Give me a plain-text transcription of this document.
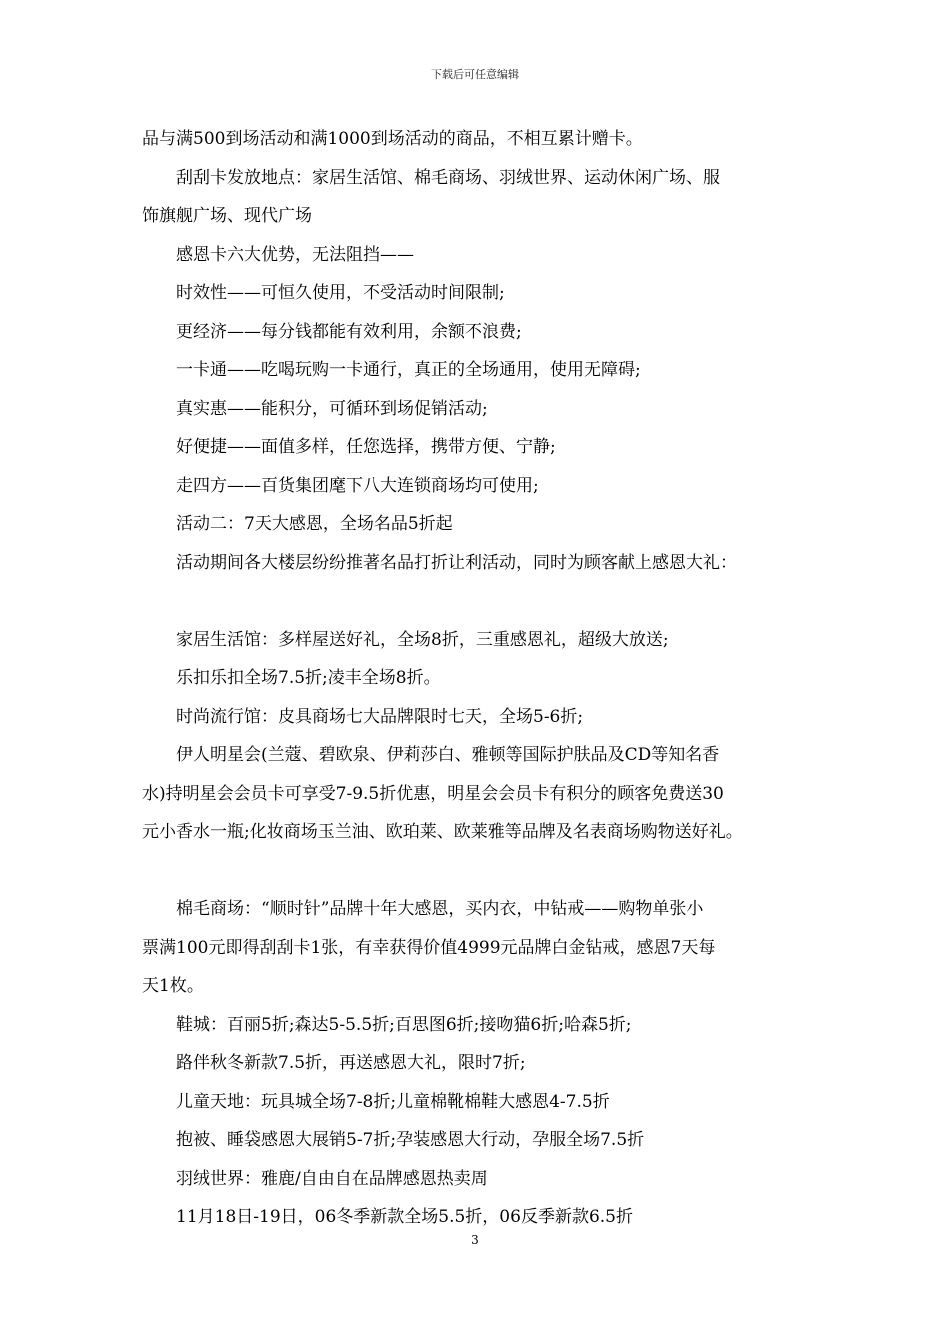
下载后可任意编辑
品与满500到场活动和满1000到场活动的商品，不相互累计赠卡。
刮刮卡发放地点：家居生活馆、棉毛商场、羽绒世界、运动休闲广场、服
饰旗舰广场、现代广场
感恩卡六大优势，无法阻挡——
时效性——可恒久使用，不受活动时间限制;
更经济——每分钱都能有效利用，余额不浪费;
一卡通——吃喝玩购一卡通行，真正的全场通用，使用无障碍;
真实惠——能积分，可循环到场促销活动;
好便捷——面值多样，任您选择，携带方便、宁静;
走四方——百货集团麾下八大连锁商场均可使用;
活动二：7天大感恩，全场名品5折起
活动期间各大楼层纷纷推著名品打折让利活动，同时为顾客献上感恩大礼：
家居生活馆：多样屋送好礼，全场8折，三重感恩礼，超级大放送;
乐扣乐扣全场7.5折;凌丰全场8折。
时尚流行馆：皮具商场七大品牌限时七天，全场5-6折;
伊人明星会(兰蔻、碧欧泉、伊莉莎白、雅顿等国际护肤品及CD等知名香
水)持明星会会员卡可享受7-9.5折优惠，明星会会员卡有积分的顾客免费送30
元小香水一瓶;化妆商场玉兰油、欧珀莱、欧莱雅等品牌及名表商场购物送好礼。
棉毛商场：“顺时针”品牌十年大感恩，买内衣，中钻戒——购物单张小
票满100元即得刮刮卡1张，有幸获得价值4999元品牌白金钻戒，感恩7天每
天1枚。
鞋城：百丽5折;森达5-5.5折;百思图6折;接吻猫6折;哈森5折;
路伴秋冬新款7.5折，再送感恩大礼，限时7折;
儿童天地：玩具城全场7-8折;儿童棉靴棉鞋大感恩4-7.5折
抱被、睡袋感恩大展销5-7折;孕装感恩大行动，孕服全场7.5折
羽绒世界：雅鹿/自由自在品牌感恩热卖周
11月18日-19日，06冬季新款全场5.5折，06反季新款6.5折
3
